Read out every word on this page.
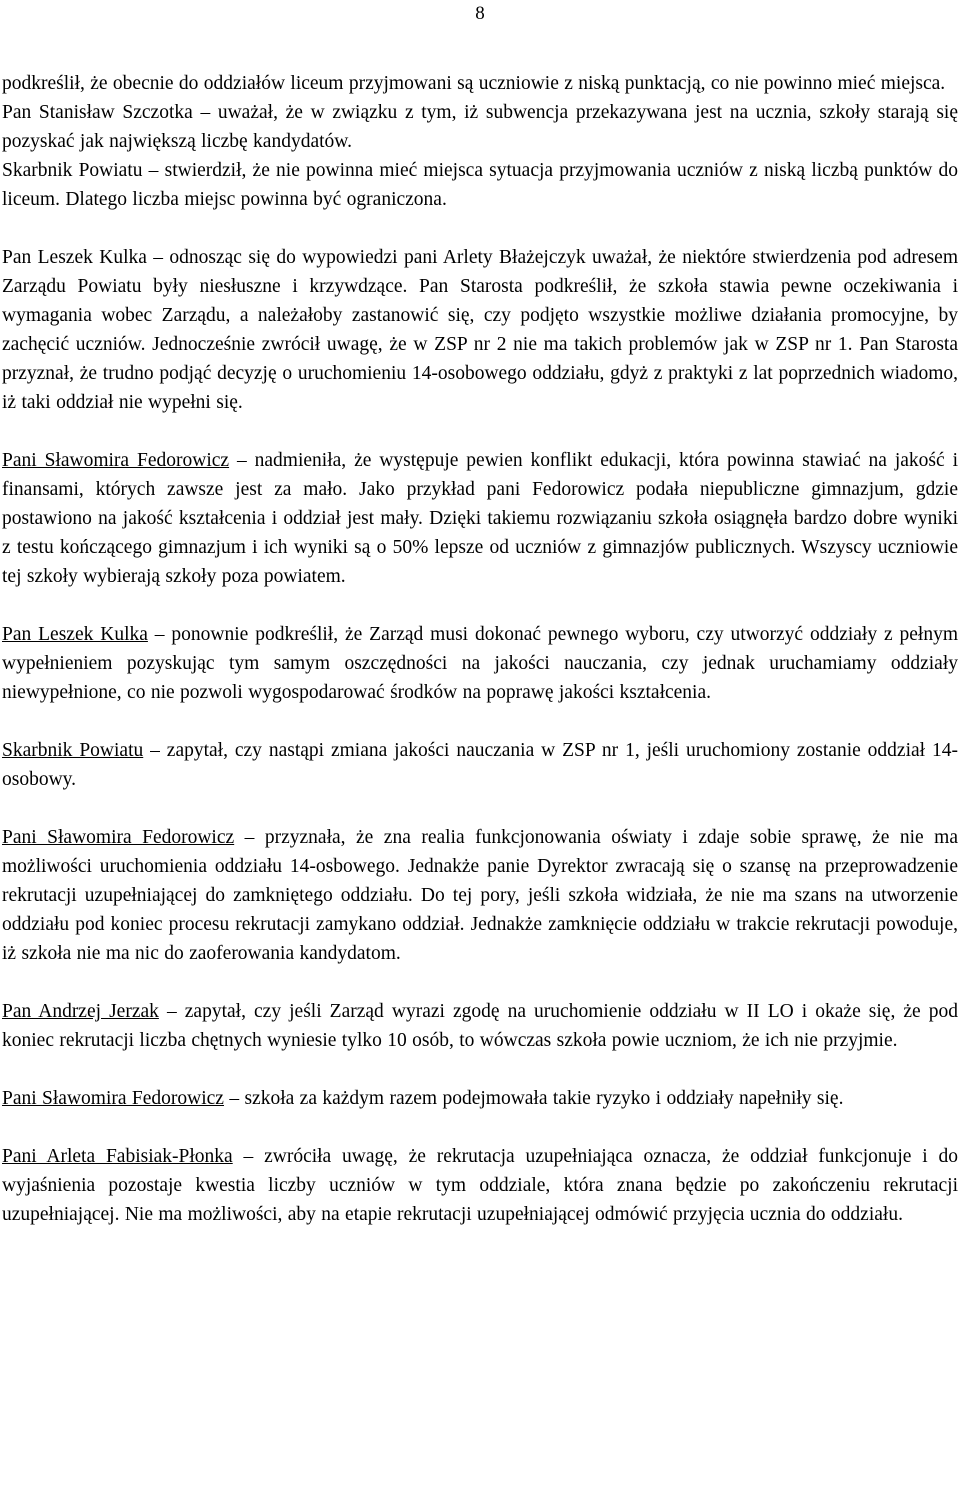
8

podkreślił, że obecnie do oddziałów liceum przyjmowani są uczniowie z niską punktacją, co nie powinno mieć miejsca.

Pan Stanisław Szczotka – uważał, że w związku z tym, iż subwencja przekazywana jest na ucznia, szkoły starają się pozyskać jak największą liczbę kandydatów.

Skarbnik Powiatu – stwierdził, że nie powinna mieć miejsca sytuacja przyjmowania uczniów z niską liczbą punktów do liceum. Dlatego liczba miejsc powinna być ograniczona.

Pan Leszek Kulka – odnosząc się do wypowiedzi pani Arlety Błażejczyk uważał, że niektóre stwierdzenia pod adresem Zarządu Powiatu były niesłuszne i krzywdzące. Pan Starosta podkreślił, że szkoła stawia pewne oczekiwania i wymagania wobec Zarządu, a należałoby zastanowić się, czy podjęto wszystkie możliwe działania promocyjne, by zachęcić uczniów. Jednocześnie zwrócił uwagę, że w ZSP nr 2 nie ma takich problemów jak w ZSP nr 1. Pan Starosta przyznał, że trudno podjąć decyzję o uruchomieniu 14-osobowego oddziału, gdyż z praktyki z lat poprzednich wiadomo, iż taki oddział nie wypełni się.

Pani Sławomira Fedorowicz – nadmieniła, że występuje pewien konflikt edukacji, która powinna stawiać na jakość i finansami, których zawsze jest za mało. Jako przykład pani Fedorowicz podała niepubliczne gimnazjum, gdzie postawiono na jakość kształcenia i oddział jest mały. Dzięki takiemu rozwiązaniu szkoła osiągnęła bardzo dobre wyniki z testu kończącego gimnazjum i ich wyniki są o 50% lepsze od uczniów z gimnazjów publicznych. Wszyscy uczniowie tej szkoły wybierają szkoły poza powiatem.

Pan Leszek Kulka – ponownie podkreślił, że Zarząd musi dokonać pewnego wyboru, czy utworzyć oddziały z pełnym wypełnieniem pozyskując tym samym oszczędności na jakości nauczania, czy jednak uruchamiamy oddziały niewypełnione, co nie pozwoli wygospodarować środków na poprawę jakości kształcenia.

Skarbnik Powiatu – zapytał, czy nastąpi zmiana jakości nauczania w ZSP nr 1, jeśli uruchomiony zostanie oddział 14-osobowy.

Pani Sławomira Fedorowicz – przyznała, że zna realia funkcjonowania oświaty i zdaje sobie sprawę, że nie ma możliwości uruchomienia oddziału 14-osbowego. Jednakże panie Dyrektor zwracają się o szansę na przeprowadzenie rekrutacji uzupełniającej do zamkniętego oddziału. Do tej pory, jeśli szkoła widziała, że nie ma szans na utworzenie oddziału pod koniec procesu rekrutacji zamykano oddział. Jednakże zamknięcie oddziału w trakcie rekrutacji powoduje, iż szkoła nie ma nic do zaoferowania kandydatom.

Pan Andrzej Jerzak – zapytał, czy jeśli Zarząd wyrazi zgodę na uruchomienie oddziału w II LO i okaże się, że pod koniec rekrutacji liczba chętnych wyniesie tylko 10 osób, to wówczas szkoła powie uczniom, że ich nie przyjmie.

Pani Sławomira Fedorowicz – szkoła za każdym razem podejmowała takie ryzyko i oddziały napełniły się.

Pani Arleta Fabisiak-Płonka – zwróciła uwagę, że rekrutacja uzupełniająca oznacza, że oddział funkcjonuje i do wyjaśnienia pozostaje kwestia liczby uczniów w tym oddziale, która znana będzie po zakończeniu rekrutacji uzupełniającej. Nie ma możliwości, aby na etapie rekrutacji uzupełniającej odmówić przyjęcia ucznia do oddziału.
